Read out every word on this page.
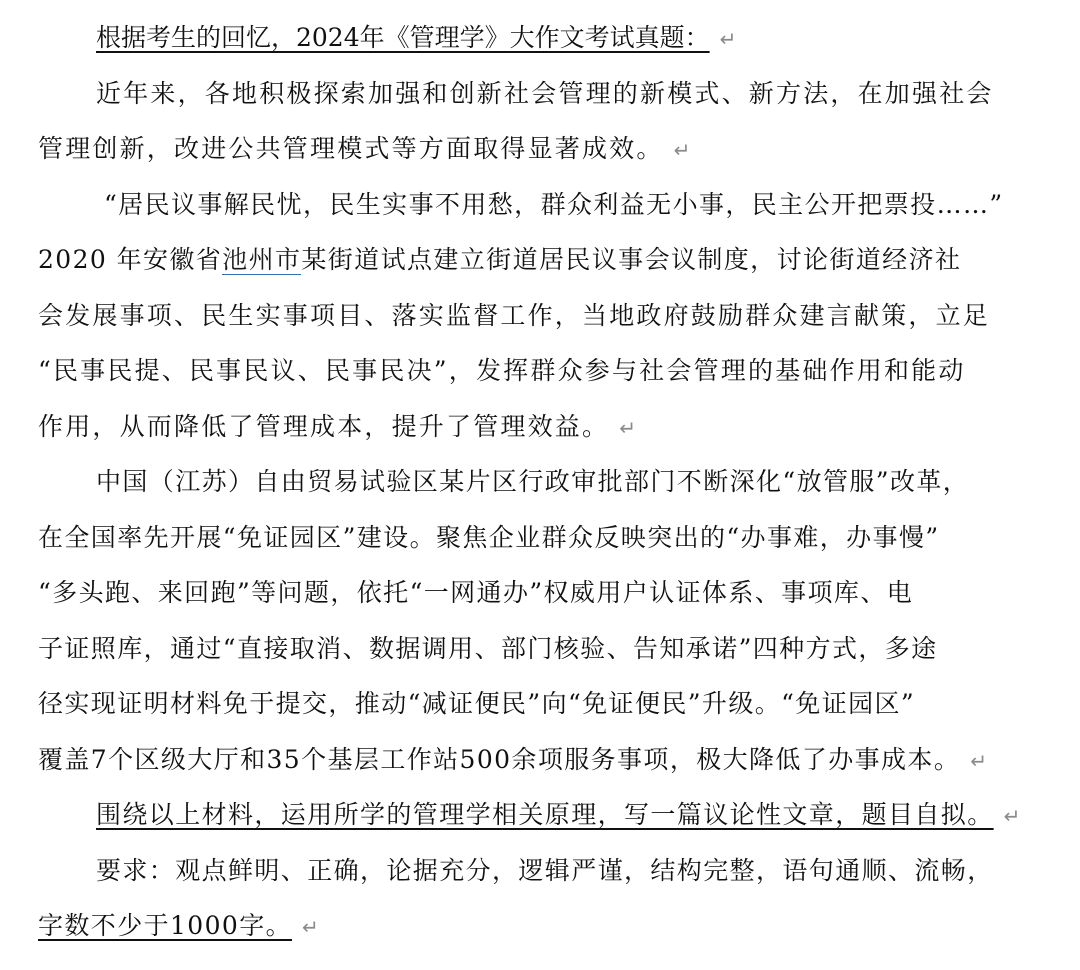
根据考生的回忆，2024年《管理学》大作文考试真题： ↵
近年来，各地积极探索加强和创新社会管理的新模式、新方法，在加强社会
管理创新，改进公共管理模式等方面取得显著成效。 ↵
“居民议事解民忧，民生实事不用愁，群众利益无小事，民主公开把票投……”
2020 年安徽省池州市某街道试点建立街道居民议事会议制度，讨论街道经济社
会发展事项、民生实事项目、落实监督工作，当地政府鼓励群众建言献策，立足
“民事民提、民事民议、民事民决”，发挥群众参与社会管理的基础作用和能动
作用，从而降低了管理成本，提升了管理效益。 ↵
中国（江苏）自由贸易试验区某片区行政审批部门不断深化“放管服”改革，
在全国率先开展“免证园区”建设。聚焦企业群众反映突出的“办事难，办事慢”
“多头跑、来回跑”等问题，依托“一网通办”权威用户认证体系、事项库、电
子证照库，通过“直接取消、数据调用、部门核验、告知承诺”四种方式，多途
径实现证明材料免于提交，推动“减证便民”向“免证便民”升级。“免证园区”
覆盖7个区级大厅和35个基层工作站500余项服务事项，极大降低了办事成本。 ↵
围绕以上材料，运用所学的管理学相关原理，写一篇议论性文章，题目自拟。 ↵
要求：观点鲜明、正确，论据充分，逻辑严谨，结构完整，语句通顺、流畅，
字数不少于1000字。 ↵
